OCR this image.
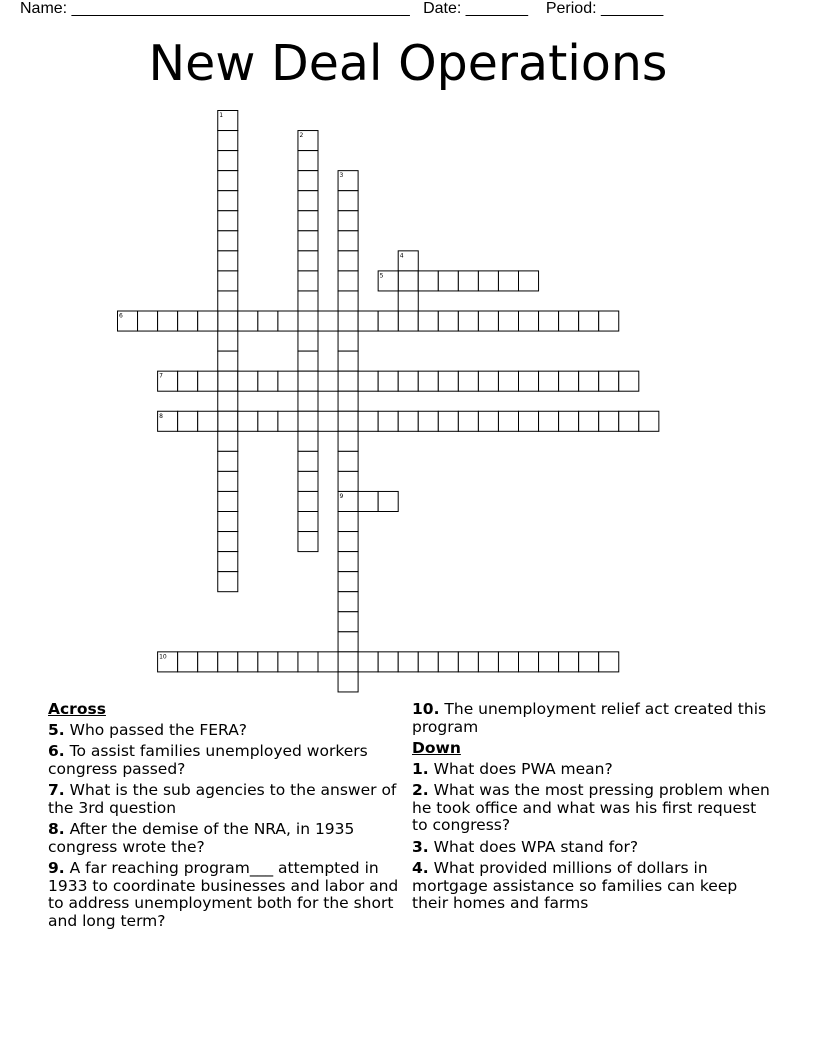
Name: ______________________________________ Date: _______ Period: _______
New Deal Operations
1
2
3
4
5
6
7
8
9
10
Across
5. Who passed the FERA?
6. To assist families unemployed workers congress passed?
7. What is the sub agencies to the answer of the 3rd question
8. After the demise of the NRA, in 1935 congress wrote the?
9. A far reaching program___ attempted in 1933 to coordinate businesses and labor and to address unemployment both for the short and long term?
10. The unemployment relief act created this program
Down
1. What does PWA mean?
2. What was the most pressing problem when he took office and what was his first request to congress?
3. What does WPA stand for?
4. What provided millions of dollars in mortgage assistance so families can keep their homes and farms
